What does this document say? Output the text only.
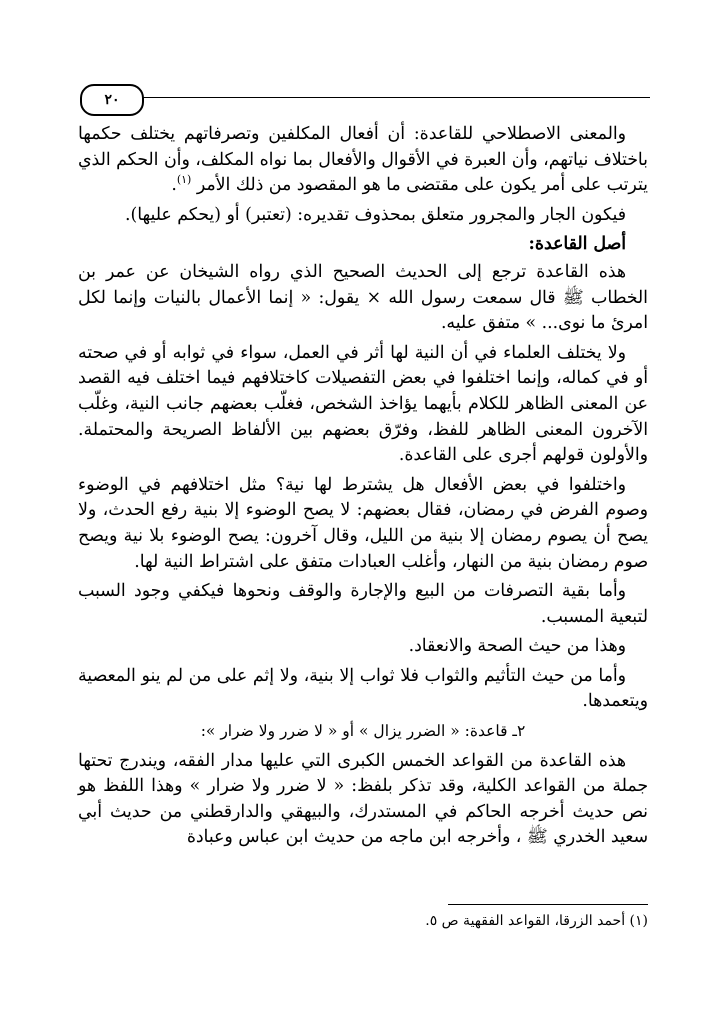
٢٠

والمعنى الاصطلاحي للقاعدة: أن أفعال المكلفين وتصرفاتهم يختلف حكمها باختلاف نياتهم، وأن العبرة في الأقوال والأفعال بما نواه المكلف، وأن الحكم الذي يترتب على أمر يكون على مقتضى ما هو المقصود من ذلك الأمر $^{(١)}$.

فيكون الجار والمجرور متعلق بمحذوف تقديره: (تعتبر) أو (يحكم عليها).

أصل القاعدة:

هذه القاعدة ترجع إلى الحديث الصحيح الذي رواه الشيخان عن عمر بن الخطاب ﷺ قال سمعت رسول الله × يقول: « إنما الأعمال بالنيات وإنما لكل امرئ ما نوى... » متفق عليه.

ولا يختلف العلماء في أن النية لها أثر في العمل، سواء في ثوابه أو في صحته أو في كماله، وإنما اختلفوا في بعض التفصيلات كاختلافهم فيما اختلف فيه القصد عن المعنى الظاهر للكلام بأيهما يؤاخذ الشخص، فغلّب بعضهم جانب النية، وغلّب الآخرون المعنى الظاهر للفظ، وفرّق بعضهم بين الألفاظ الصريحة والمحتملة. والأولون قولهم أجرى على القاعدة.

واختلفوا في بعض الأفعال هل يشترط لها نية؟ مثل اختلافهم في الوضوء وصوم الفرض في رمضان، فقال بعضهم: لا يصح الوضوء إلا بنية رفع الحدث، ولا يصح أن يصوم رمضان إلا بنية من الليل، وقال آخرون: يصح الوضوء بلا نية ويصح صوم رمضان بنية من النهار، وأغلب العبادات متفق على اشتراط النية لها.

وأما بقية التصرفات من البيع والإجارة والوقف ونحوها فيكفي وجود السبب لتبعية المسبب.

وهذا من حيث الصحة والانعقاد.

وأما من حيث التأثيم والثواب فلا ثواب إلا بنية، ولا إثم على من لم ينو المعصية ويتعمدها.

٢ـ قاعدة: « الضرر يزال » أو « لا ضرر ولا ضرار »:

هذه القاعدة من القواعد الخمس الكبرى التي عليها مدار الفقه، ويندرج تحتها جملة من القواعد الكلية، وقد تذكر بلفظ: « لا ضرر ولا ضرار » وهذا اللفظ هو نص حديث أخرجه الحاكم في المستدرك، والبيهقي والدارقطني من حديث أبي سعيد الخدري ﷺ ، وأخرجه ابن ماجه من حديث ابن عباس وعبادة

(١) أحمد الزرقا، القواعد الفقهية ص ٥.
